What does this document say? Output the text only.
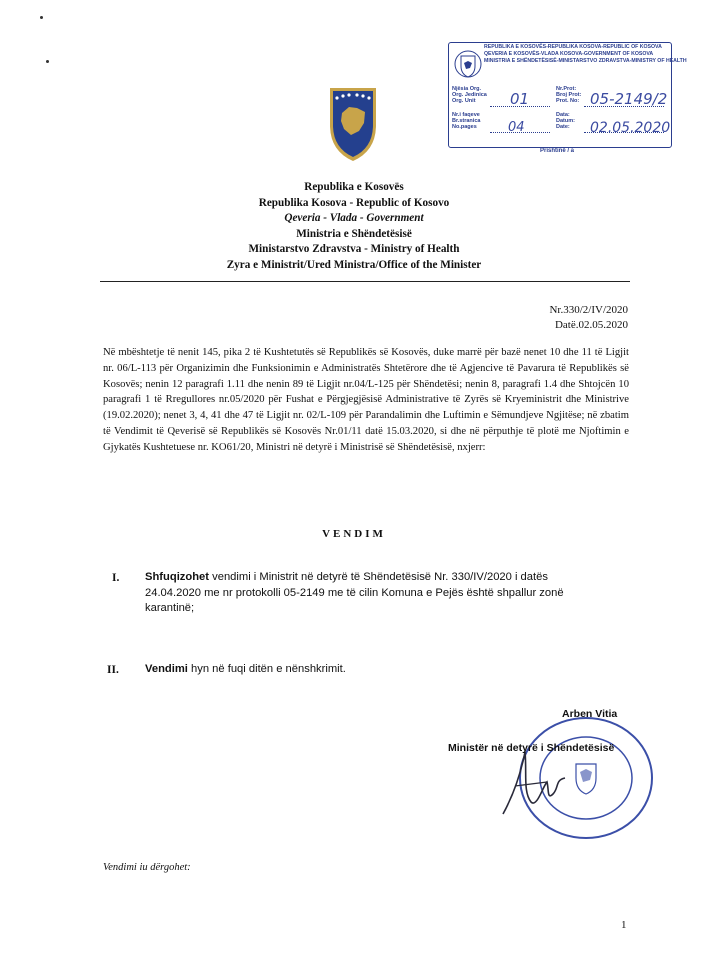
REPUBLIKA E KOSOVËS-REPUBLIKA KOSOVA-REPUBLIC OF KOSOVA
QEVERIA E KOSOVËS-VLADA KOSOVA-GOVERNMENT OF KOSOVA
MINISTRIA E SHËNDETËSISË-MINISTARSTVO ZDRAVSTVA-MINISTRY OF HEALTH
Njësia Org.
Org. Jedinica
Org. Unit
Nr.i faqeve
Br.stranica
No.pages
Nr.Prot:
Broj Prot:
Prot. No:
Data:
Datum:
Date:
01	05-2149/2
04	02.05.2020
Prishtinë / a
Republika e Kosovës
Republika Kosova - Republic of Kosovo
Qeveria - Vlada - Government
Ministria e Shëndetësisë
Ministarstvo Zdravstva - Ministry of Health
Zyra e Ministrit/Ured Ministra/Office of the Minister
Nr.330/2/IV/2020
Datë.02.05.2020
Në mbështetje të nenit 145, pika 2 të Kushtetutës së Republikës së Kosovës, duke marrë për bazë nenet 10 dhe 11 të Ligjit nr. 06/L-113 për Organizimin dhe Funksionimin e Administratës Shtetërore dhe të Agjencive të Pavarura të Republikës së Kosovës; nenin 12 paragrafi 1.11 dhe nenin 89 të Ligjit nr.04/L-125 për Shëndetësi; nenin 8, paragrafi 1.4 dhe Shtojcën 10 paragrafi 1 të Rregullores nr.05/2020 për Fushat e Përgjegjësisë Administrative të Zyrës së Kryeministrit dhe Ministrive (19.02.2020); nenet 3, 4, 41 dhe 47 të Ligjit nr. 02/L-109 për Parandalimin dhe Luftimin e Sëmundjeve Ngjitëse; në zbatim të Vendimit të Qeverisë së Republikës së Kosovës Nr.01/11 datë 15.03.2020, si dhe në përputhje të plotë me Njoftimin e Gjykatës Kushtetuese nr. KO61/20, Ministri në detyrë i Ministrisë së Shëndetësisë, nxjerr:
VENDIM
I. Shfuqizohet vendimi i Ministrit në detyrë të Shëndetësisë Nr. 330/IV/2020 i datës
24.04.2020 me nr protokolli 05-2149 me të cilin Komuna e Pejës është shpallur zonë
karantinë;
II. Vendimi hyn në fuqi ditën e nënshkrimit.
Arben Vitia
Ministër në detyrë i Shëndetësisë
Vendimi iu dërgohet:
1
